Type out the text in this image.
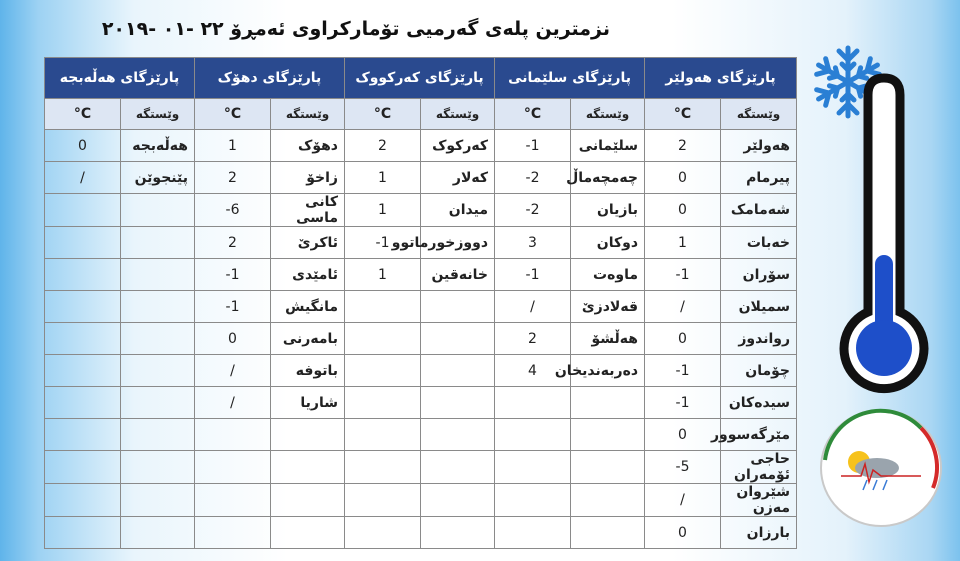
نزمترین پلەی گەرمیی تۆمارکراوی ئەمڕۆ ٢٢ -٠١ -٢٠١٩
پارێزگای هەڵەبجە		پارێزگای دهۆک		پارێزگای کەرکووک		پارێزگای سلێمانی		پارێزگای هەولێر	
°C	وێستگە	°C	وێستگە	°C	وێستگە	°C	وێستگە	°C	وێستگە
0	هەڵەبجە	1	دهۆک	2	کەرکوک	-1	سلێمانی	2	هەولێر
/	پێنجوێن	2	زاخۆ	1	کەلار	-2	چەمچەماڵ	0	پیرمام
		-6	کانی ماسی	1	میدان	-2	بازیان	0	شەمامک
		2	ئاکرێ	-1	دووزخورماتوو	3	دوکان	1	خەبات
		-1	ئامێدی	1	خانەقین	-1	ماوەت	-1	سۆران
		-1	مانگیش			/	قەلادزێ	/	سمیلان
		0	بامەرنی			2	هەڵشۆ	0	رواندوز
		/	باتوفە			4	دەربەندیخان	-1	چۆمان
		/	شاریا					-1	سیدەکان
								0	مێرگەسوور
								-5	حاجی ئۆمەران
								/	شێروان مەزن
								0	بارزان
